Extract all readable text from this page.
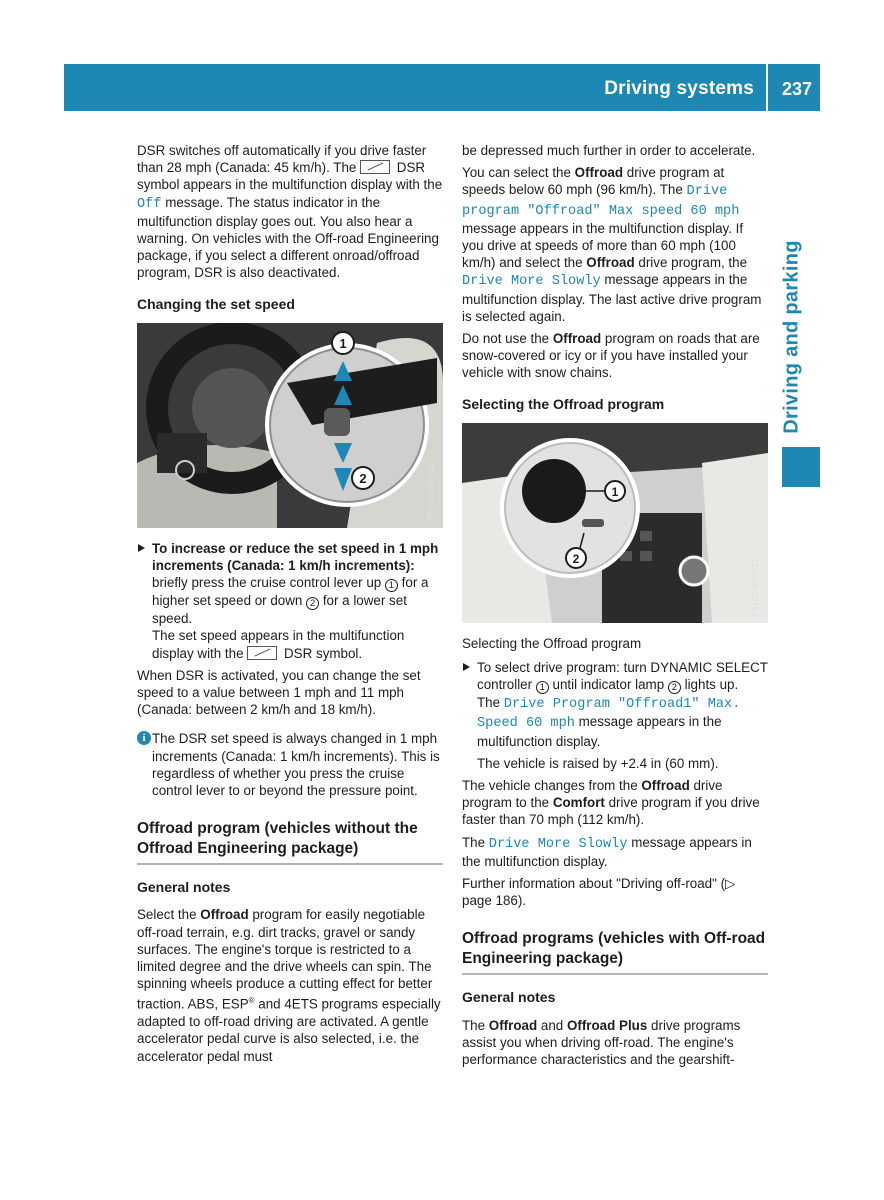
Driving systems 237
Driving and parking

DSR switches off automatically if you drive faster than 28 mph (Canada: 45 km/h). The  DSR symbol appears in the multifunction display with the Off message. The status indicator in the multifunction display goes out. You also hear a warning. On vehicles with the Off-road Engineering package, if you select a different onroad/offroad program, DSR is also deactivated.

Changing the set speed
1
2	P54.25-5996-31
To increase or reduce the set speed in 1 mph increments (Canada: 1 km/h increments): briefly press the cruise control lever up 1 for a higher set speed or down 2 for a lower set speed.
The set speed appears in the multifunction display with the  DSR symbol.

When DSR is activated, you can change the set speed to a value between 1 mph and 11 mph (Canada: between 2 km/h and 18 km/h).

i The DSR set speed is always changed in 1 mph increments (Canada: 1 km/h increments). This is regardless of whether you press the cruise control lever to or beyond the pressure point.
Offroad program (vehicles without the Offroad Engineering package)
General notes

Select the Offroad program for easily negotiable off-road terrain, e.g. dirt tracks, gravel or sandy surfaces. The engine's torque is restricted to a limited degree and the drive wheels can spin. The spinning wheels produce a cutting effect for better traction. ABS, ESP® and 4ETS programs especially adapted to off-road driving are activated. A gentle accelerator pedal curve is also selected, i.e. the accelerator pedal must

be depressed much further in order to accelerate.

You can select the Offroad drive program at speeds below 60 mph (96 km/h). The Drive program "Offroad" Max speed 60 mph message appears in the multifunction display. If you drive at speeds of more than 60 mph (100 km/h) and select the Offroad drive program, the Drive More Slowly message appears in the multifunction display. The last active drive program is selected again.

Do not use the Offroad program on roads that are snow-covered or icy or if you have installed your vehicle with snow chains.

Selecting the Offroad program
1
2
P54.25-9975-31

Selecting the Offroad program

To select drive program: turn DYNAMIC SELECT controller 1 until indicator lamp 2 lights up.
The Drive Program "Offroad1" Max. Speed 60 mph message appears in the multifunction display.
The vehicle is raised by +2.4 in (60 mm).

The vehicle changes from the Offroad drive program to the Comfort drive program if you drive faster than 70 mph (112 km/h).

The Drive More Slowly message appears in the multifunction display.

Further information about "Driving off-road" (▷ page 186).

Offroad programs (vehicles with Off-road Engineering package)
General notes

The Offroad and Offroad Plus drive programs assist you when driving off-road. The engine's performance characteristics and the gearshift-
